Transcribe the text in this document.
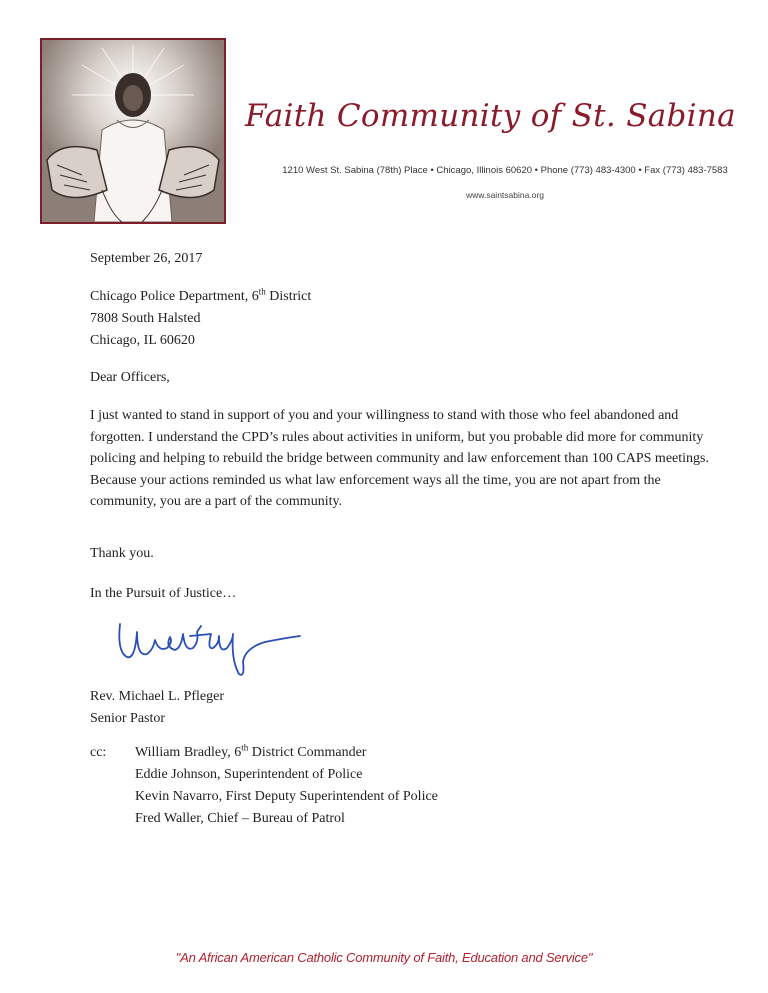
Faith Community of St. Sabina
1210 West St. Sabina (78th) Place • Chicago, Illinois 60620 • Phone (773) 483-4300 • Fax (773) 483-7583
www.saintsabina.org
September 26, 2017
Chicago Police Department, 6th District
7808 South Halsted
Chicago, IL 60620
Dear Officers,
I just wanted to stand in support of you and your willingness to stand with those who feel abandoned and forgotten. I understand the CPD’s rules about activities in uniform, but you probable did more for community policing and helping to rebuild the bridge between community and law enforcement than 100 CAPS meetings. Because your actions reminded us what law enforcement ways all the time, you are not apart from the community, you are a part of the community.
Thank you.
In the Pursuit of Justice…
Rev. Michael L. Pfleger
Senior Pastor
cc: William Bradley, 6th District Commander
Eddie Johnson, Superintendent of Police
Kevin Navarro, First Deputy Superintendent of Police
Fred Waller, Chief – Bureau of Patrol
"An African American Catholic Community of Faith, Education and Service"
